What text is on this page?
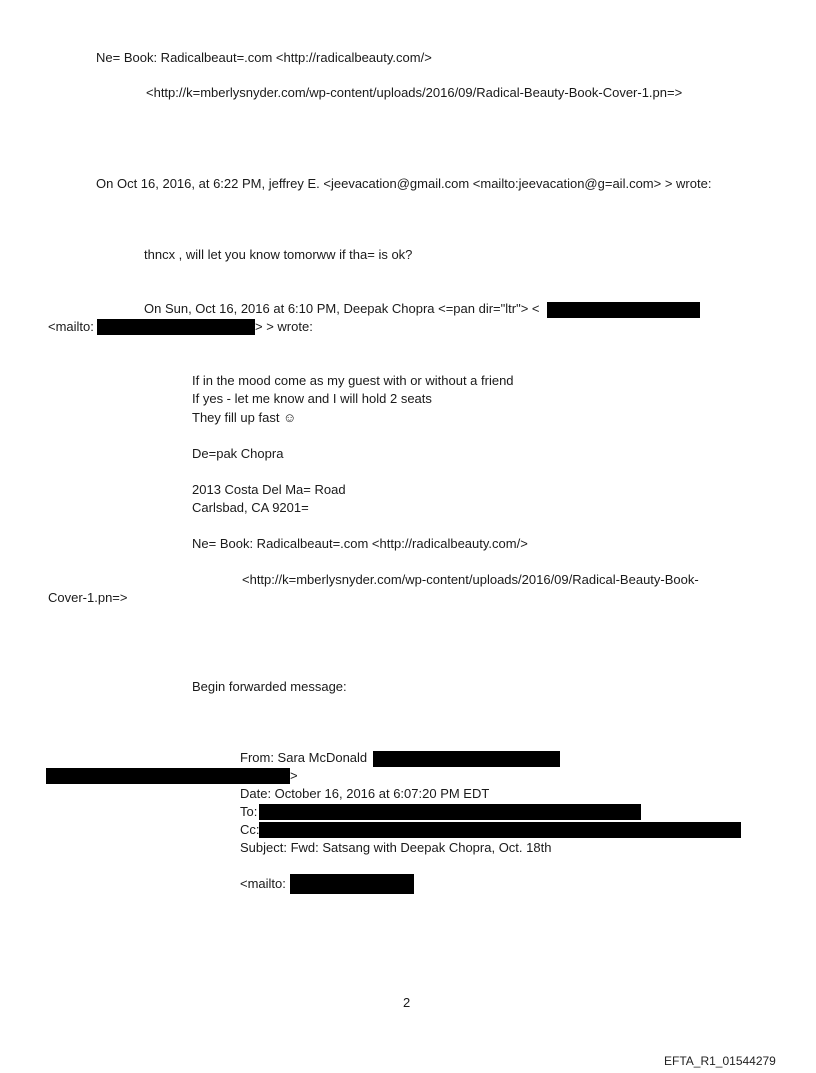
Ne= Book: Radicalbeaut=.com <http://radicalbeauty.com/>
<http://k=mberlysnyder.com/wp-content/uploads/2016/09/Radical-Beauty-Book-Cover-1.pn=>
On Oct 16, 2016, at 6:22 PM, jeffrey E. <jeevacation@gmail.com <mailto:jeevacation@g=ail.com> > wrote:
thncx , will let you know tomorww if tha= is ok?
On Sun, Oct 16, 2016 at 6:10 PM, Deepak Chopra <=pan dir="ltr"> <
<mailto:	> > wrote:
If in the mood come as my guest with or without a friend
If yes - let me know and I will hold 2 seats
They fill up fast ☺
De=pak Chopra
2013 Costa Del Ma= Road
Carlsbad, CA 9201=
Ne= Book: Radicalbeaut=.com <http://radicalbeauty.com/>
<http://k=mberlysnyder.com/wp-content/uploads/2016/09/Radical-Beauty-Book-
Cover-1.pn=>
Begin forwarded message:
From: Sara McDonald
>
Date: October 16, 2016 at 6:07:20 PM EDT
To:
Cc:
Subject: Fwd: Satsang with Deepak Chopra, Oct. 18th
<mailto:
2
EFTA_R1_01544279
